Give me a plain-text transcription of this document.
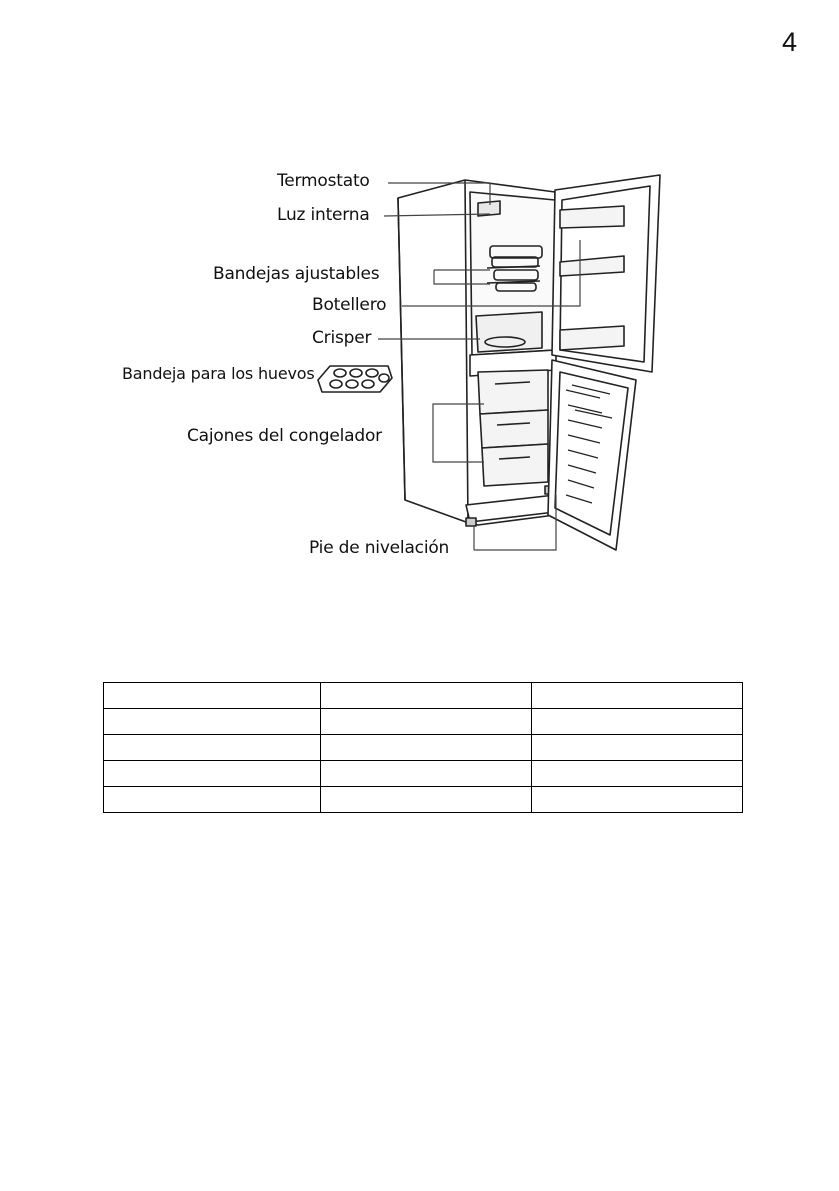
4
Termostato
Luz interna
Bandejas ajustables
Botellero
Crisper
Bandeja para los huevos
Cajones del congelador
Pie de nivelación
